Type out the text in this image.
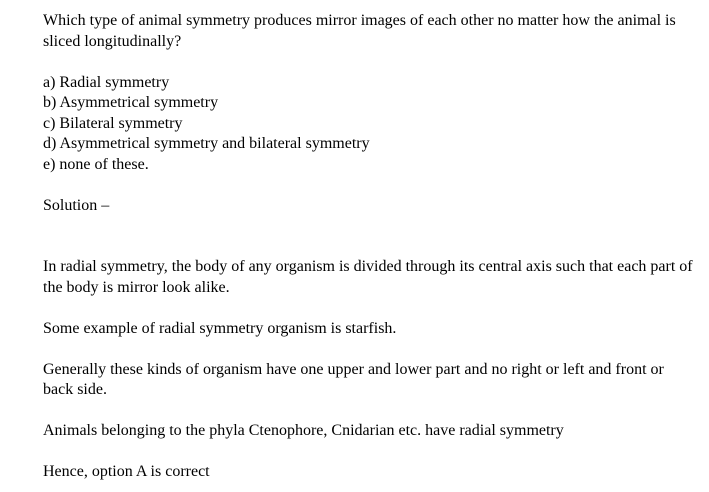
Which type of animal symmetry produces mirror images of each other no matter how the animal is sliced longitudinally?

a) Radial symmetry

b) Asymmetrical symmetry

c) Bilateral symmetry

d) Asymmetrical symmetry and bilateral symmetry

e) none of these.

Solution –

In radial symmetry, the body of any organism is divided through its central axis such that each part of the body is mirror look alike.

Some example of radial symmetry organism is starfish.

Generally these kinds of organism have one upper and lower part and no right or left and front or back side.

Animals belonging to the phyla Ctenophore, Cnidarian etc. have radial symmetry

Hence, option A is correct
